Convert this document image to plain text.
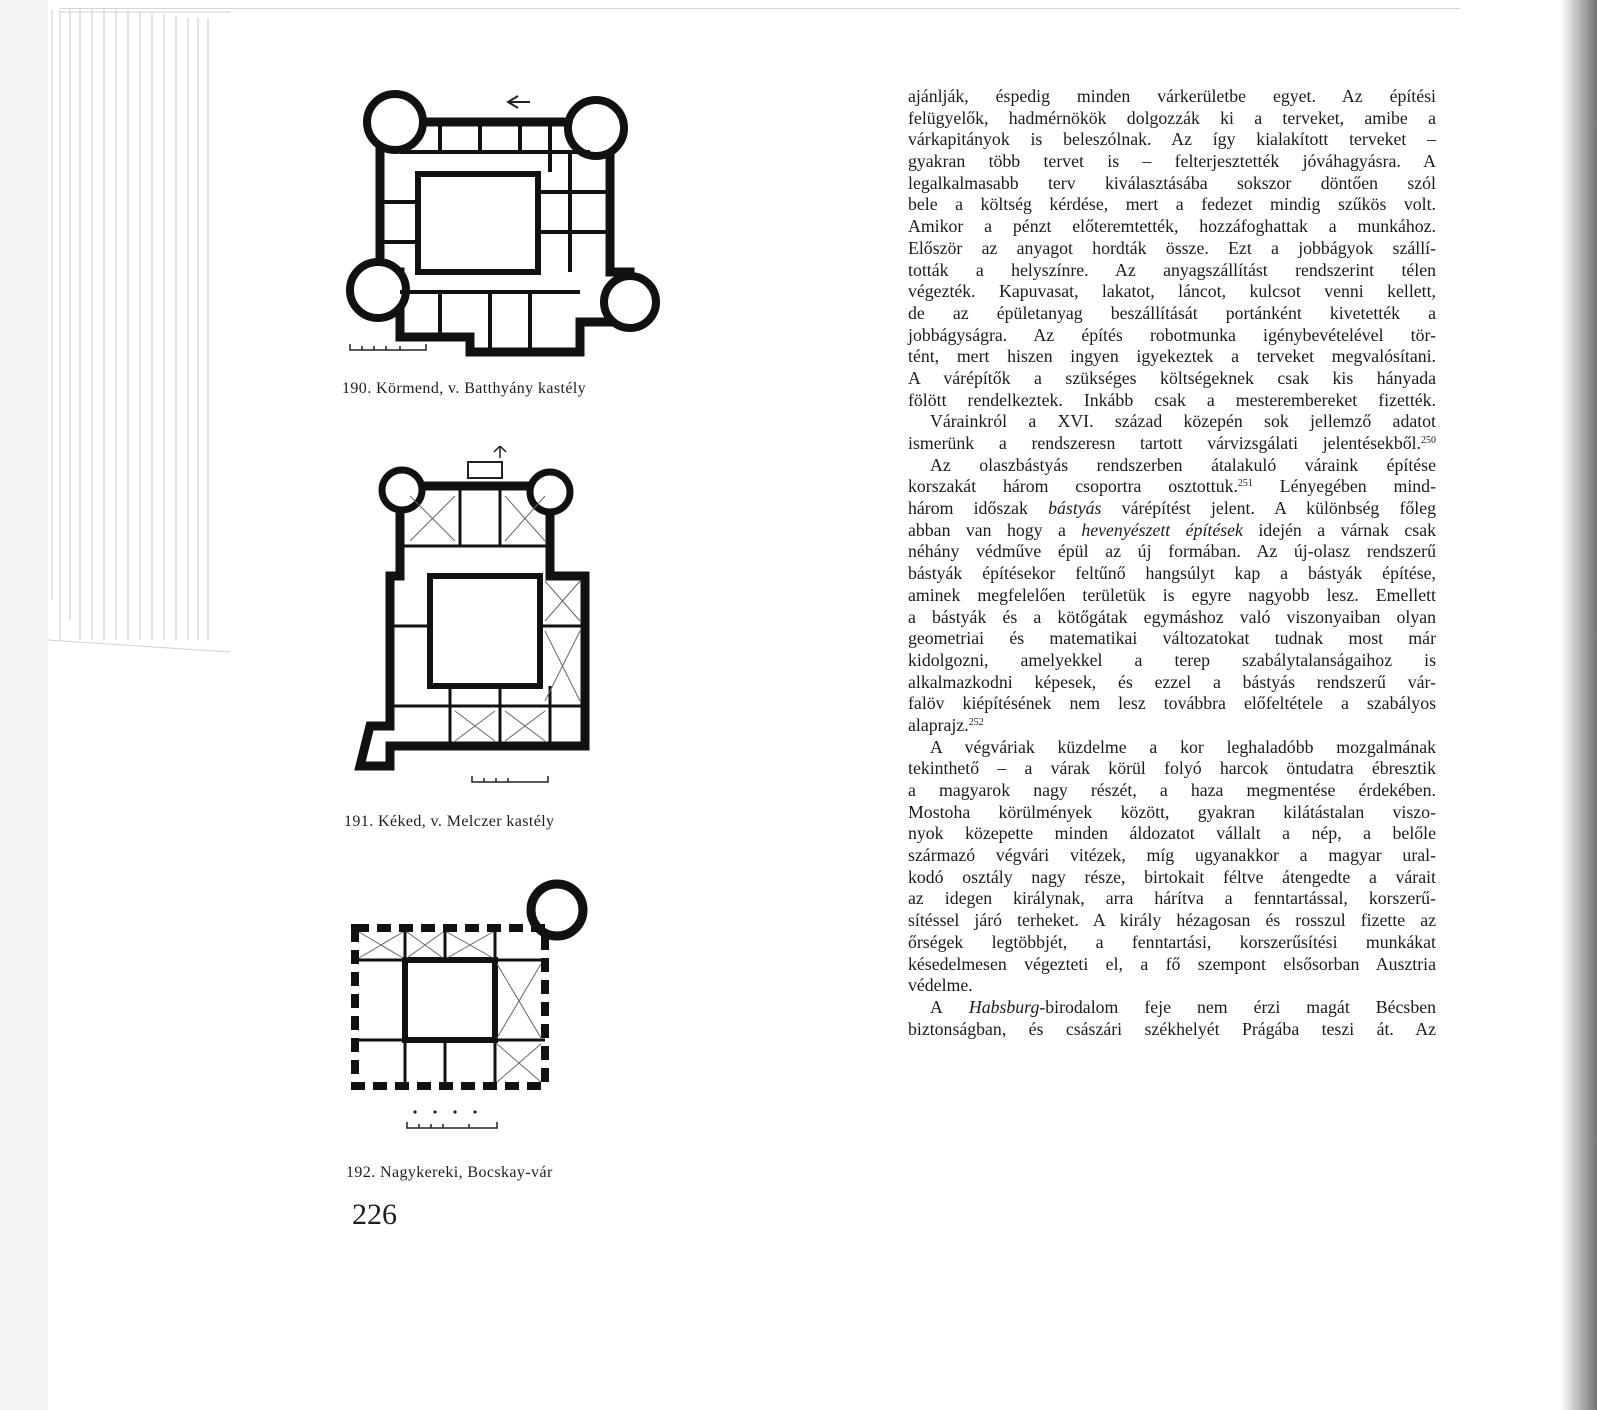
190. Körmend, v. Batthyány kastély
191. Kéked, v. Melczer kastély
192. Nagykereki, Bocskay-vár
226
ajánlják, éspedig minden várkerületbe egyet. Az építési
felügyelők, hadmérnökök dolgozzák ki a terveket, amibe a
várkapitányok is beleszólnak. Az így kialakított terveket –
gyakran több tervet is – felterjesztették jóváhagyásra. A
legalkalmasabb terv kiválasztásába sokszor döntően szól
bele a költség kérdése, mert a fedezet mindig szűkös volt.
Amikor a pénzt előteremtették, hozzáfoghattak a munkához.
Először az anyagot hordták össze. Ezt a jobbágyok szállí-
tották a helyszínre. Az anyagszállítást rendszerint télen
végezték. Kapuvasat, lakatot, láncot, kulcsot venni kellett,
de az épületanyag beszállítását portánként kivetették a
jobbágyságra. Az építés robotmunka igénybevételével tör-
tént, mert hiszen ingyen igyekeztek a terveket megvalósítani.
A várépítők a szükséges költségeknek csak kis hányada
fölött rendelkeztek. Inkább csak a mesterembereket fizették.
Várainkról a XVI. század közepén sok jellemző adatot
ismerünk a rendszeresn tartott várvizsgálati jelentésekből.$^{250}$
Az olaszbástyás rendszerben átalakuló váraink építése
korszakát három csoportra osztottuk.$^{251}$ Lényegében mind-
három időszak bástyás várépítést jelent. A különbség főleg
abban van hogy a hevenyészett építések idején a várnak csak
néhány védműve épül az új formában. Az új-olasz rendszerű
bástyák építésekor feltűnő hangsúlyt kap a bástyák építése,
aminek megfelelően területük is egyre nagyobb lesz. Emellett
a bástyák és a kötőgátak egymáshoz való viszonyaiban olyan
geometriai és matematikai változatokat tudnak most már
kidolgozni, amelyekkel a terep szabálytalanságaihoz is
alkalmazkodni képesek, és ezzel a bástyás rendszerű vár-
falöv kiépítésének nem lesz továbbra előfeltétele a szabályos
alaprajz.$^{252}$
A végváriak küzdelme a kor leghaladóbb mozgalmának
tekinthető – a várak körül folyó harcok öntudatra ébresztik
a magyarok nagy részét, a haza megmentése érdekében.
Mostoha körülmények között, gyakran kilátástalan viszo-
nyok közepette minden áldozatot vállalt a nép, a belőle
származó végvári vitézek, míg ugyanakkor a magyar ural-
kodó osztály nagy része, birtokait féltve átengedte a várait
az idegen királynak, arra hárítva a fenntartással, korszerű-
sítéssel járó terheket. A király hézagosan és rosszul fizette az
őrségek legtöbbjét, a fenntartási, korszerűsítési munkákat
késedelmesen végezteti el, a fő szempont elsősorban Ausztria
védelme.
A Habsburg-birodalom feje nem érzi magát Bécsben
biztonságban, és császári székhelyét Prágába teszi át. Az
